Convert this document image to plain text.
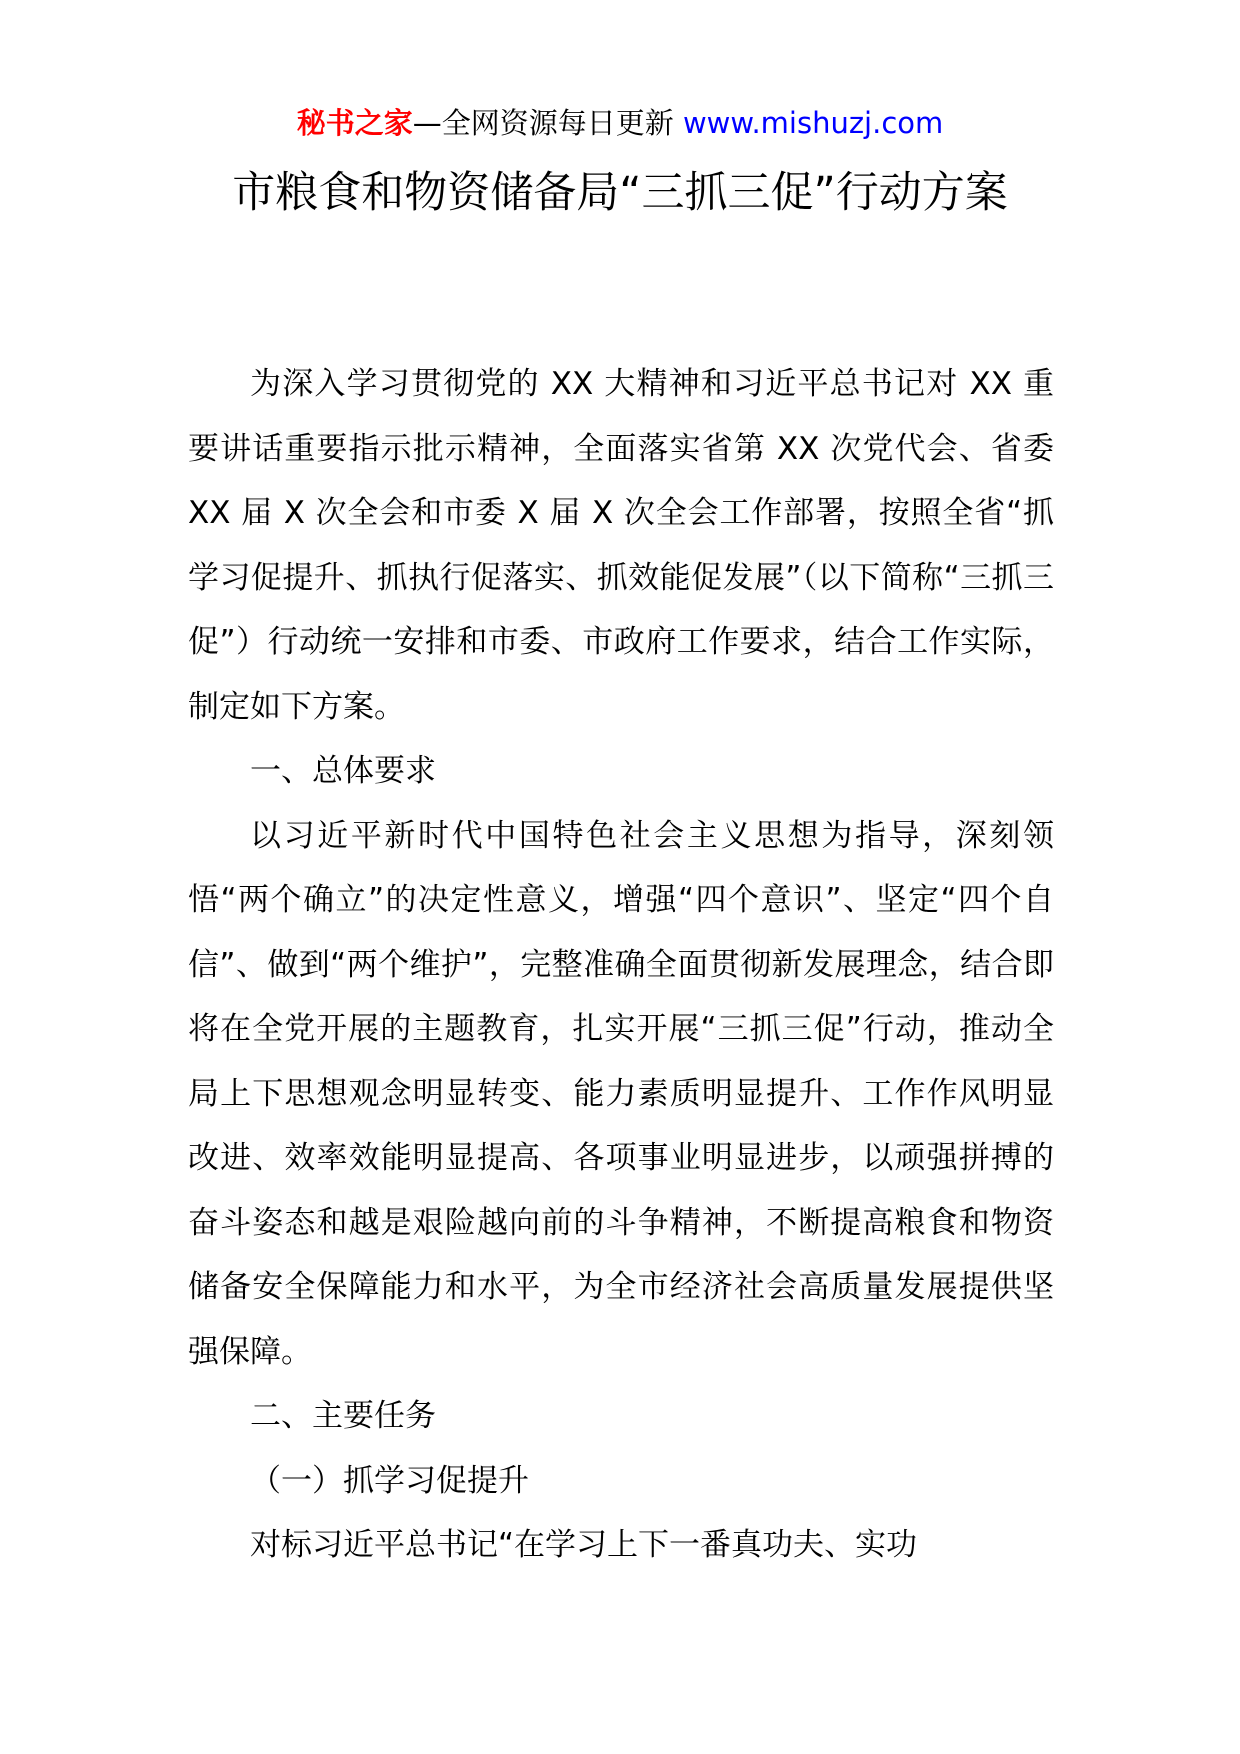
秘书之家—全网资源每日更新 www.mishuzj.com
市粮食和物资储备局“三抓三促”行动方案

为深入学习贯彻党的 XX 大精神和习近平总书记对 XX 重要讲话重要指示批示精神，全面落实省第 XX 次党代会、省委 XX 届 X 次全会和市委 X 届 X 次全会工作部署，按照全省“抓学习促提升、抓执行促落实、抓效能促发展”（以下简称“三抓三促”）行动统一安排和市委、市政府工作要求，结合工作实际，制定如下方案。

一、总体要求

以习近平新时代中国特色社会主义思想为指导，深刻领悟“两个确立”的决定性意义，增强“四个意识”、坚定“四个自信”、做到“两个维护”，完整准确全面贯彻新发展理念，结合即将在全党开展的主题教育，扎实开展“三抓三促”行动，推动全局上下思想观念明显转变、能力素质明显提升、工作作风明显改进、效率效能明显提高、各项事业明显进步，以顽强拼搏的奋斗姿态和越是艰险越向前的斗争精神，不断提高粮食和物资储备安全保障能力和水平，为全市经济社会高质量发展提供坚强保障。

二、主要任务

（一）抓学习促提升

对标习近平总书记“在学习上下一番真功夫、实功
